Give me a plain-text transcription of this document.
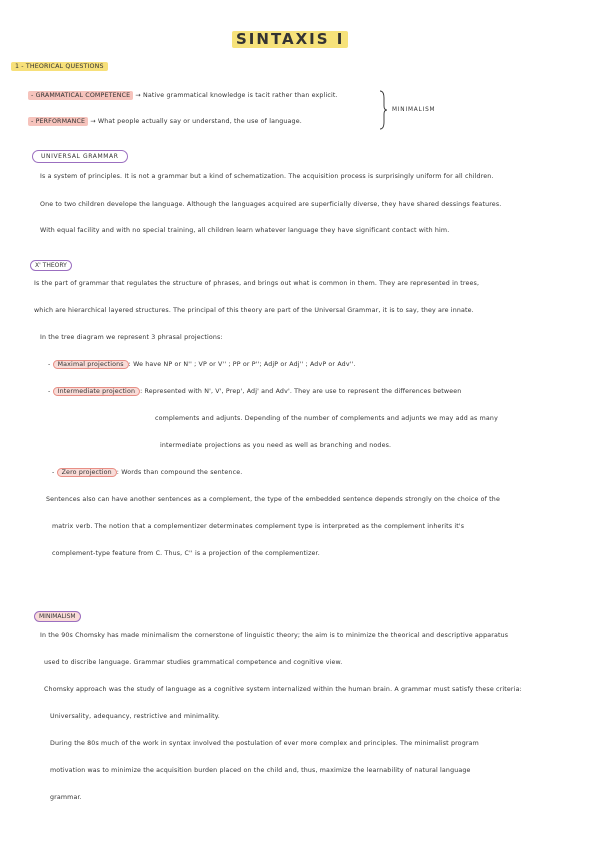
SINTAXIS I
1 - THEORICAL QUESTIONS
- GRAMMATICAL COMPETENCE → Native grammatical knowledge is tacit rather than explicit.
- PERFORMANCE → What people actually say or understand, the use of language.
MINIMALISM
UNIVERSAL GRAMMAR
Is a system of principles. It is not a grammar but a kind of schematization. The acquisition process is surprisingly uniform for all children.
One to two children develope the language. Although the languages acquired are superficially diverse, they have shared dessings features.
With equal facility and with no special training, all children learn whatever language they have significant contact with him.
X' THEORY
Is the part of grammar that regulates the structure of phrases, and brings out what is common in them. They are represented in trees,
which are hierarchical layered structures. The principal of this theory are part of the Universal Grammar, it is to say, they are innate.
In the tree diagram we represent 3 phrasal projections:
- Maximal projections : We have NP or N'' ; VP or V'' ; PP or P''; AdjP or Adj'' ; AdvP or Adv''.
- Intermediate projection : Represented with N', V', Prep', Adj' and Adv'. They are use to represent the differences between
complements and adjunts. Depending of the number of complements and adjunts we may add as many
intermediate projections as you need as well as branching and nodes.
- Zero projection : Words than compound the sentence.
Sentences also can have another sentences as a complement, the type of the embedded sentence depends strongly on the choice of the
matrix verb. The notion that a complementizer determinates complement type is interpreted as the complement inherits it's
complement-type feature from C. Thus, C'' is a projection of the complementizer.
MINIMALISM
In the 90s Chomsky has made minimalism the cornerstone of linguistic theory; the aim is to minimize the theorical and descriptive apparatus
used to discribe language. Grammar studies grammatical competence and cognitive view.
Chomsky approach was the study of language as a cognitive system internalized within the human brain. A grammar must satisfy these criteria:
Universality, adequancy, restrictive and minimality.
During the 80s much of the work in syntax involved the postulation of ever more complex and principles. The minimalist program
motivation was to minimize the acquisition burden placed on the child and, thus, maximize the learnability of natural language
grammar.
